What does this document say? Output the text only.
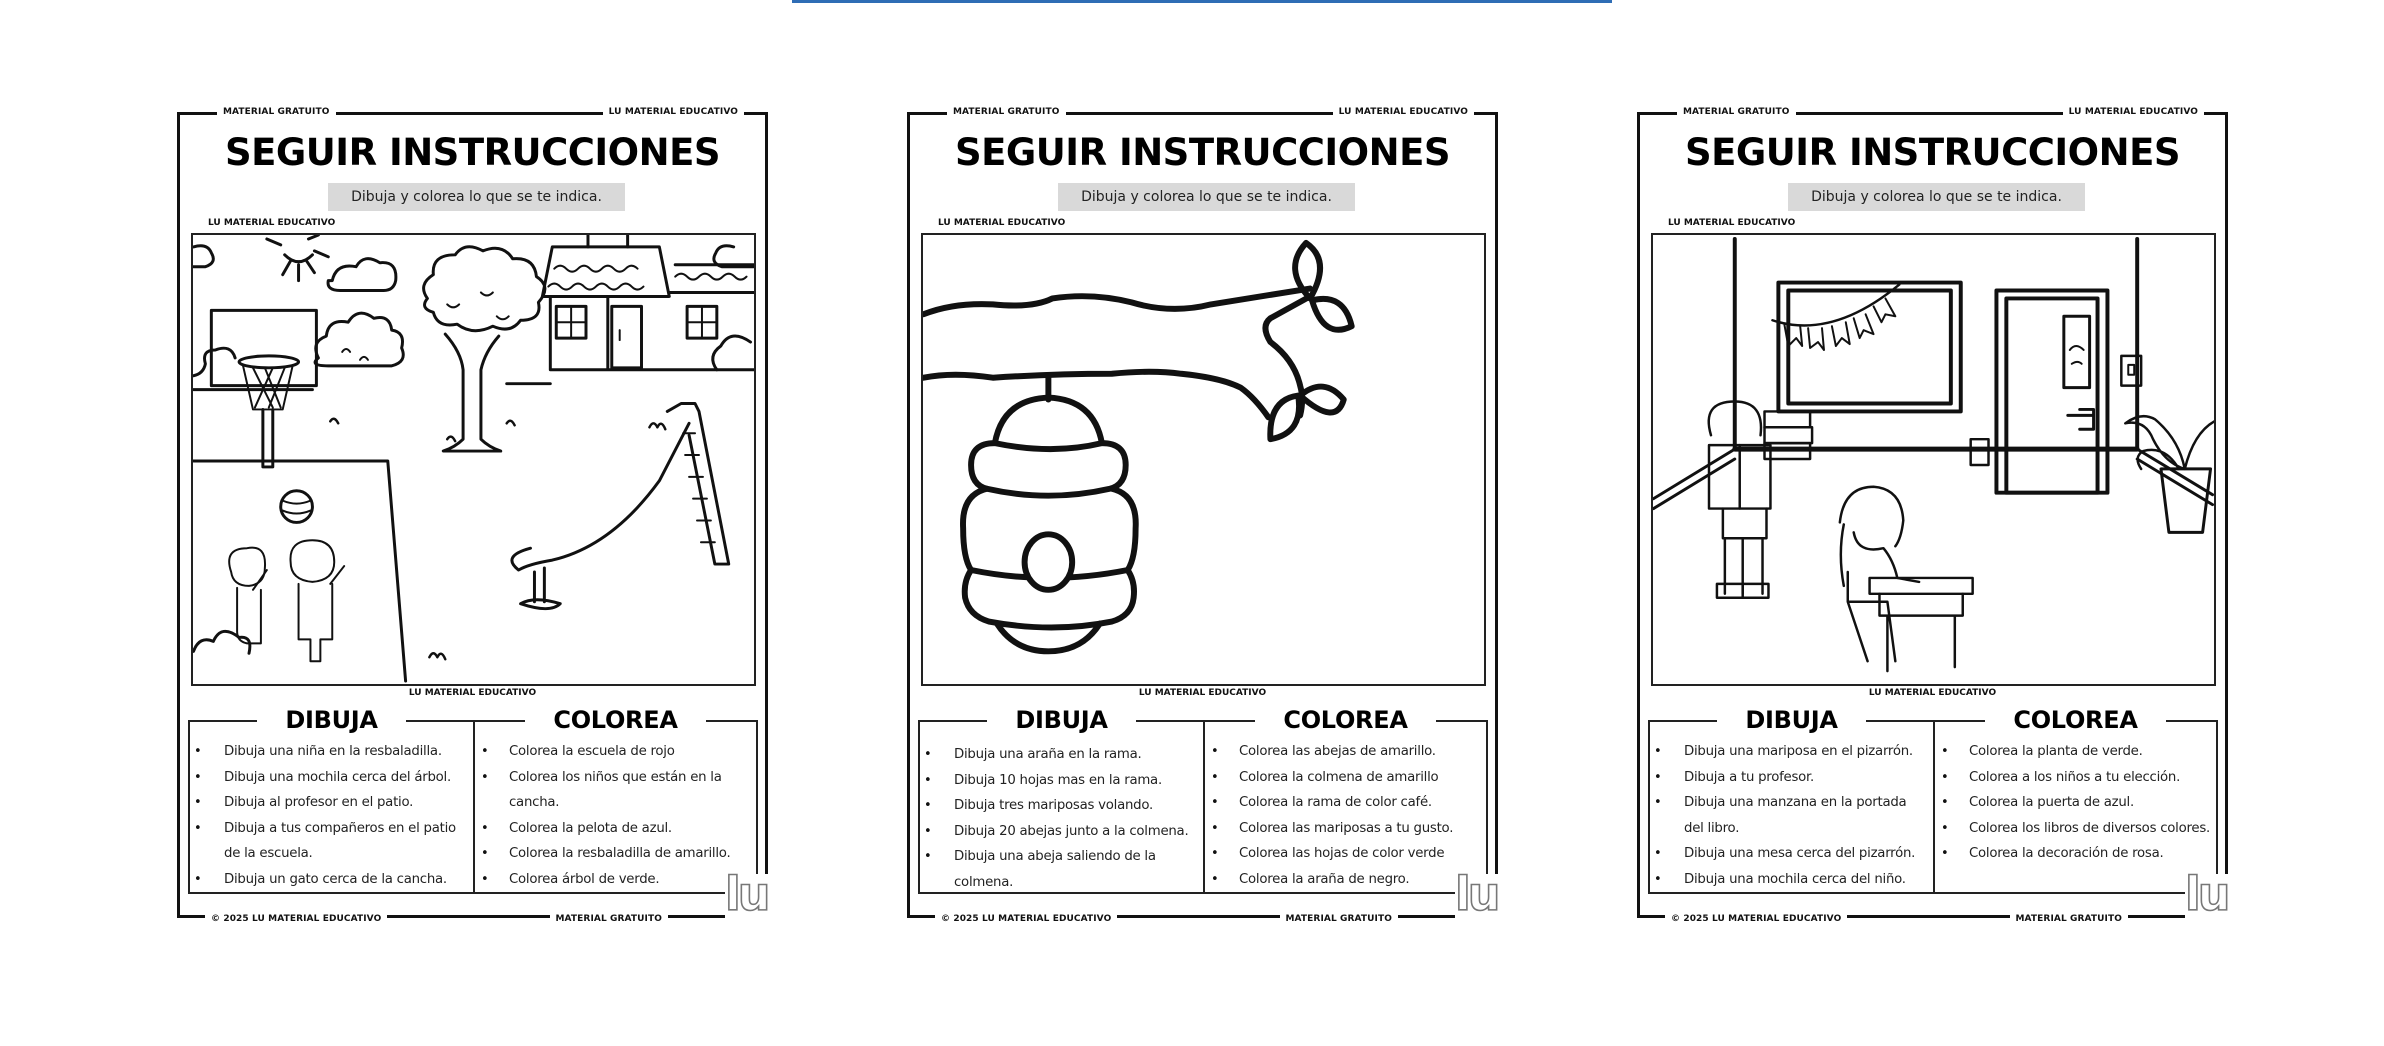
MATERIAL GRATUITO	LU MATERIAL EDUCATIVO
© 2025 LU MATERIAL EDUCATIVO	MATERIAL GRATUITO
SEGUIR INSTRUCCIONES
Dibuja y colorea lo que se te indica.
LU MATERIAL EDUCATIVO
LU MATERIAL EDUCATIVO
DIBUJA
• Dibuja una niña en la resbaladilla.
• Dibuja una mochila cerca del árbol.
• Dibuja al profesor en el patio.
• Dibuja a tus compañeros en el patio de la escuela.
• Dibuja un gato cerca de la cancha.
COLOREA
• Colorea la escuela de rojo
• Colorea los niños que están en la cancha.
• Colorea la pelota de azul.
• Colorea la resbaladilla de amarillo.
• Colorea árbol de verde.	lu
MATERIAL GRATUITO	LU MATERIAL EDUCATIVO
© 2025 LU MATERIAL EDUCATIVO	MATERIAL GRATUITO
SEGUIR INSTRUCCIONES
Dibuja y colorea lo que se te indica.
LU MATERIAL EDUCATIVO
LU MATERIAL EDUCATIVO
DIBUJA
• Dibuja una araña en la rama.
• Dibuja 10 hojas mas en la rama.
• Dibuja tres mariposas volando.
• Dibuja 20 abejas junto a la colmena.
• Dibuja una abeja saliendo de la colmena.
COLOREA
• Colorea las abejas de amarillo.
• Colorea la colmena de amarillo
• Colorea la rama de color café.
• Colorea las mariposas a tu gusto.
• Colorea las hojas de color verde
• Colorea la araña de negro. lu
MATERIAL GRATUITO	LU MATERIAL EDUCATIVO
© 2025 LU MATERIAL EDUCATIVO	MATERIAL GRATUITO
SEGUIR INSTRUCCIONES
Dibuja y colorea lo que se te indica.
LU MATERIAL EDUCATIVO
LU MATERIAL EDUCATIVO
DIBUJA
• Dibuja una mariposa en el pizarrón.
• Dibuja a tu profesor.
• Dibuja una manzana en la portada del libro.
• Dibuja una mesa cerca del pizarrón.
• Dibuja una mochila cerca del niño.
COLOREA
• Colorea la planta de verde.
• Colorea a los niños a tu elección.
• Colorea la puerta de azul.
• Colorea los libros de diversos colores.
• Colorea la decoración de rosa.
lu
